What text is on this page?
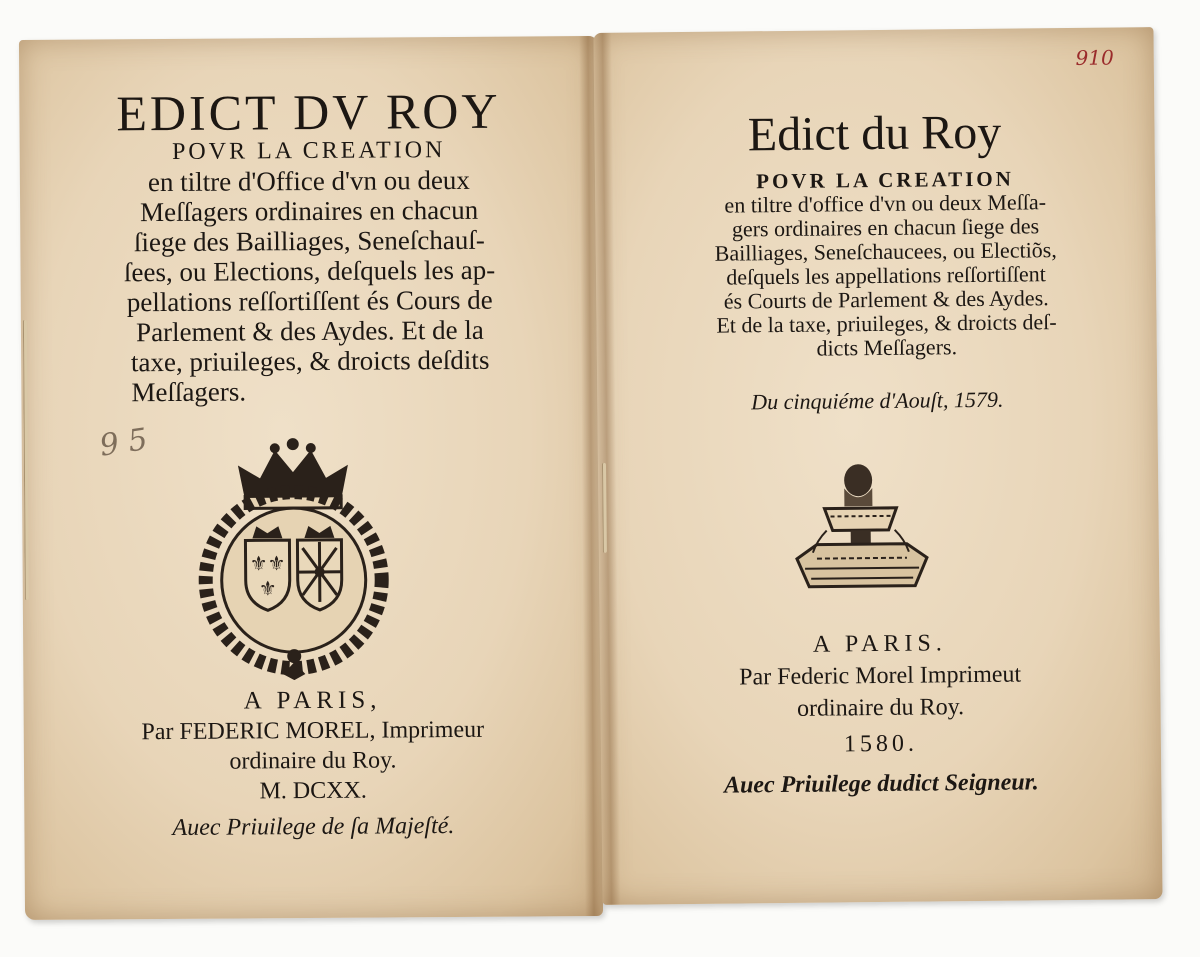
EDICT DV ROY
POVR LA CREATION
en tiltre d'Office d'vn ou deux
Meſſagers ordinaires en chacun
ſiege des Bailliages, Seneſchauſ-
ſees, ou Elections, deſquels les ap-
pellations reſſortiſſent és Cours de
Parlement & des Aydes. Et de la
taxe, priuileges, & droicts deſdits
Meſſagers.
9 5
⚜⚜
⚜
A PARIS,
Par FEDERIC MOREL, Imprimeur
ordinaire du Roy.
M. DCXX.
Auec Priuilege de ſa Majeſté.
910
Edict du Roy
POVR LA CREATION
en tiltre d'office d'vn ou deux Meſſa-
gers ordinaires en chacun ſiege des
Bailliages, Seneſchaucees, ou Electiõs,
deſquels les appellations reſſortiſſent
és Courts de Parlement & des Aydes.
Et de la taxe, priuileges, & droicts deſ-
dicts Meſſagers.
Du cinquiéme d'Aouſt, 1579.
A PARIS.
Par Federic Morel Imprimeut
ordinaire du Roy.
1580.
Auec Priuilege dudict Seigneur.
